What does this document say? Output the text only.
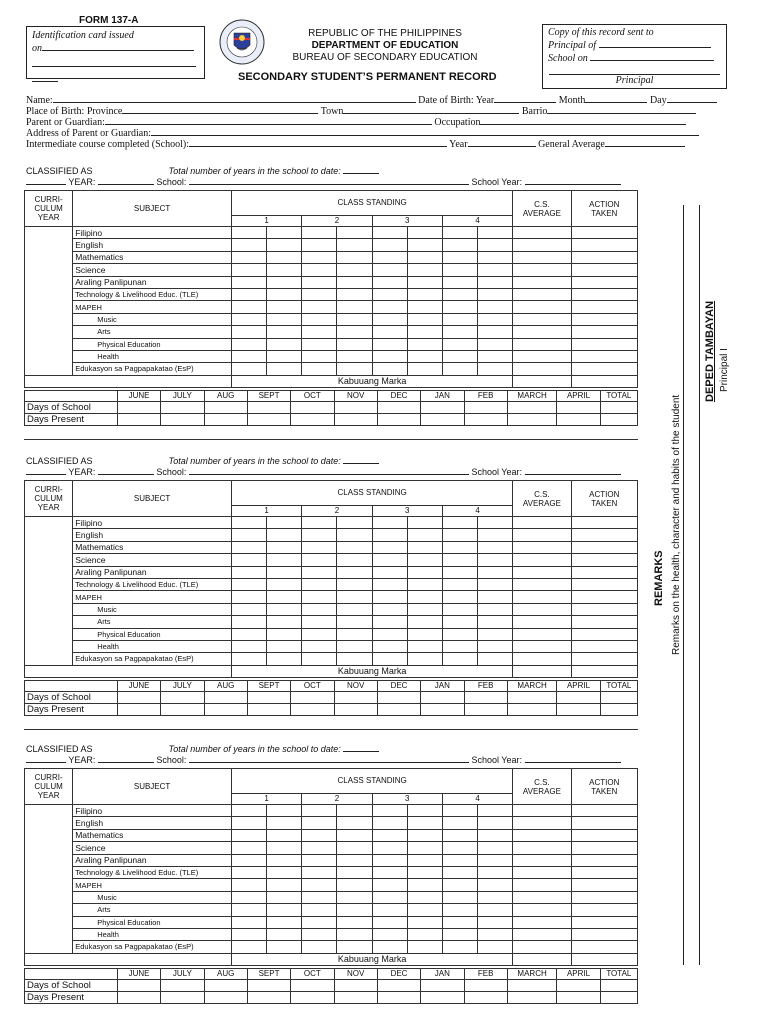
FORM 137-A
Identification card issued
on
REPUBLIC OF THE PHILIPPINES
DEPARTMENT OF EDUCATION
BUREAU OF SECONDARY EDUCATION
SECONDARY STUDENT’S PERMANENT RECORD
Copy of this record sent to
Principal of
School on
Principal
Name:	Date of Birth: Year	Month	Day
Place of Birth: Province	Town	Barrio
Parent or Guardian:	Occupation
Address of Parent or Guardian:
Intermediate course completed (School):	Year	General Average
DEPED TAMBAYAN Principal I
REMARKS Remarks on the health, character and habits of the student
CLASSIFIED AS	Total number of years in the school to date:
YEAR:	School:	School Year:
CURRI-
CULUM
YEAR	SUBJECT	CLASS STANDING								C.S.
AVERAGE	ACTION
TAKEN
		1		2		3		4			
	Filipino										
	English										
	Mathematics										
	Science										
	Araling Panlipunan										
	Technology & Livelihood Educ. (TLE)										
	MAPEH										
	Music										
	Arts										
	Physical Education										
	Health										
	Edukasyon sa Pagpapakatao (EsP)										
		Kabuuang Marka									
	JUNE	JULY	AUG	SEPT	OCT	NOV	DEC	JAN	FEB	MARCH	APRIL	TOTAL
Days of School												
Days Present												
CLASSIFIED AS	Total number of years in the school to date:
YEAR:	School:	School Year:
CURRI-
CULUM
YEAR	SUBJECT	CLASS STANDING								C.S.
AVERAGE	ACTION
TAKEN
		1		2		3		4			
	Filipino										
	English										
	Mathematics										
	Science										
	Araling Panlipunan										
	Technology & Livelihood Educ. (TLE)										
	MAPEH										
	Music										
	Arts										
	Physical Education										
	Health										
	Edukasyon sa Pagpapakatao (EsP)										
		Kabuuang Marka									
	JUNE	JULY	AUG	SEPT	OCT	NOV	DEC	JAN	FEB	MARCH	APRIL	TOTAL
Days of School												
Days Present												
CLASSIFIED AS	Total number of years in the school to date:
YEAR:	School:	School Year:
CURRI-
CULUM
YEAR	SUBJECT	CLASS STANDING								C.S.
AVERAGE	ACTION
TAKEN
		1		2		3		4			
	Filipino										
	English										
	Mathematics										
	Science										
	Araling Panlipunan										
	Technology & Livelihood Educ. (TLE)										
	MAPEH										
	Music										
	Arts										
	Physical Education										
	Health										
	Edukasyon sa Pagpapakatao (EsP)										
		Kabuuang Marka									
	JUNE	JULY	AUG	SEPT	OCT	NOV	DEC	JAN	FEB	MARCH	APRIL	TOTAL
Days of School												
Days Present												
